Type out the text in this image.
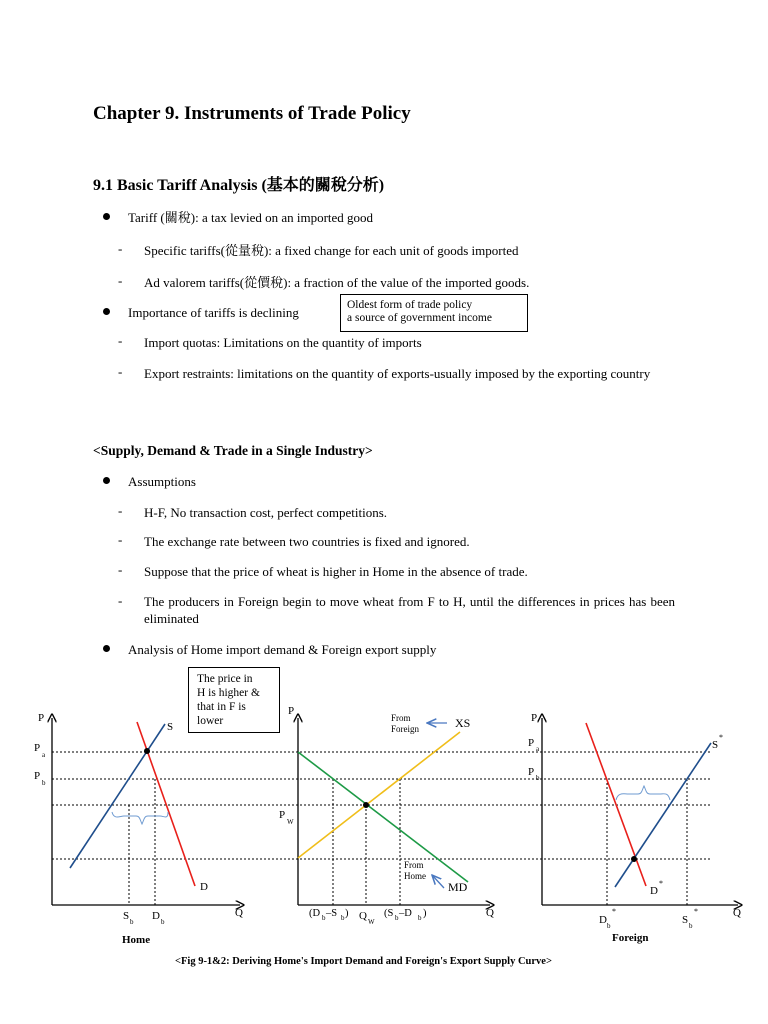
Chapter 9. Instruments of Trade Policy
9.1 Basic Tariff Analysis (基本的關稅分析)
Tariff (關稅): a tax levied on an imported good
- Specific tariffs(從量稅): a fixed change for each unit of goods imported
- Ad valorem tariffs(從價稅): a fraction of the value of the imported goods.
Importance of tariffs is declining	Oldest form of trade policy
a source of government income
- Import quotas: Limitations on the quantity of imports
- Export restraints: limitations on the quantity of exports-usually imposed by the exporting country
<Supply, Demand & Trade in a Single Industry>
Assumptions
- H-F, No transaction cost, perfect competitions.
- The exchange rate between two countries is fixed and ignored.
- Suppose that the price of wheat is higher in Home in the absence of trade.
- The producers in Foreign begin to move wheat from F to H, until the differences in prices has been eliminated
Analysis of Home import demand & Foreign export supply
The price in
H is higher &
that in F is
lower
P
P
a
P
b
S
D
Q
S b D b
Home
P
P
W
From
Foreign	XS
From
Home
MD
Q
(D b –S b ) Q W
(S b –D b )
P
P a
P b
S
*
D
*
Q
D b
*
S b
*
Foreign
<Fig 9-1&2: Deriving Home's Import Demand and Foreign's Export Supply Curve>
